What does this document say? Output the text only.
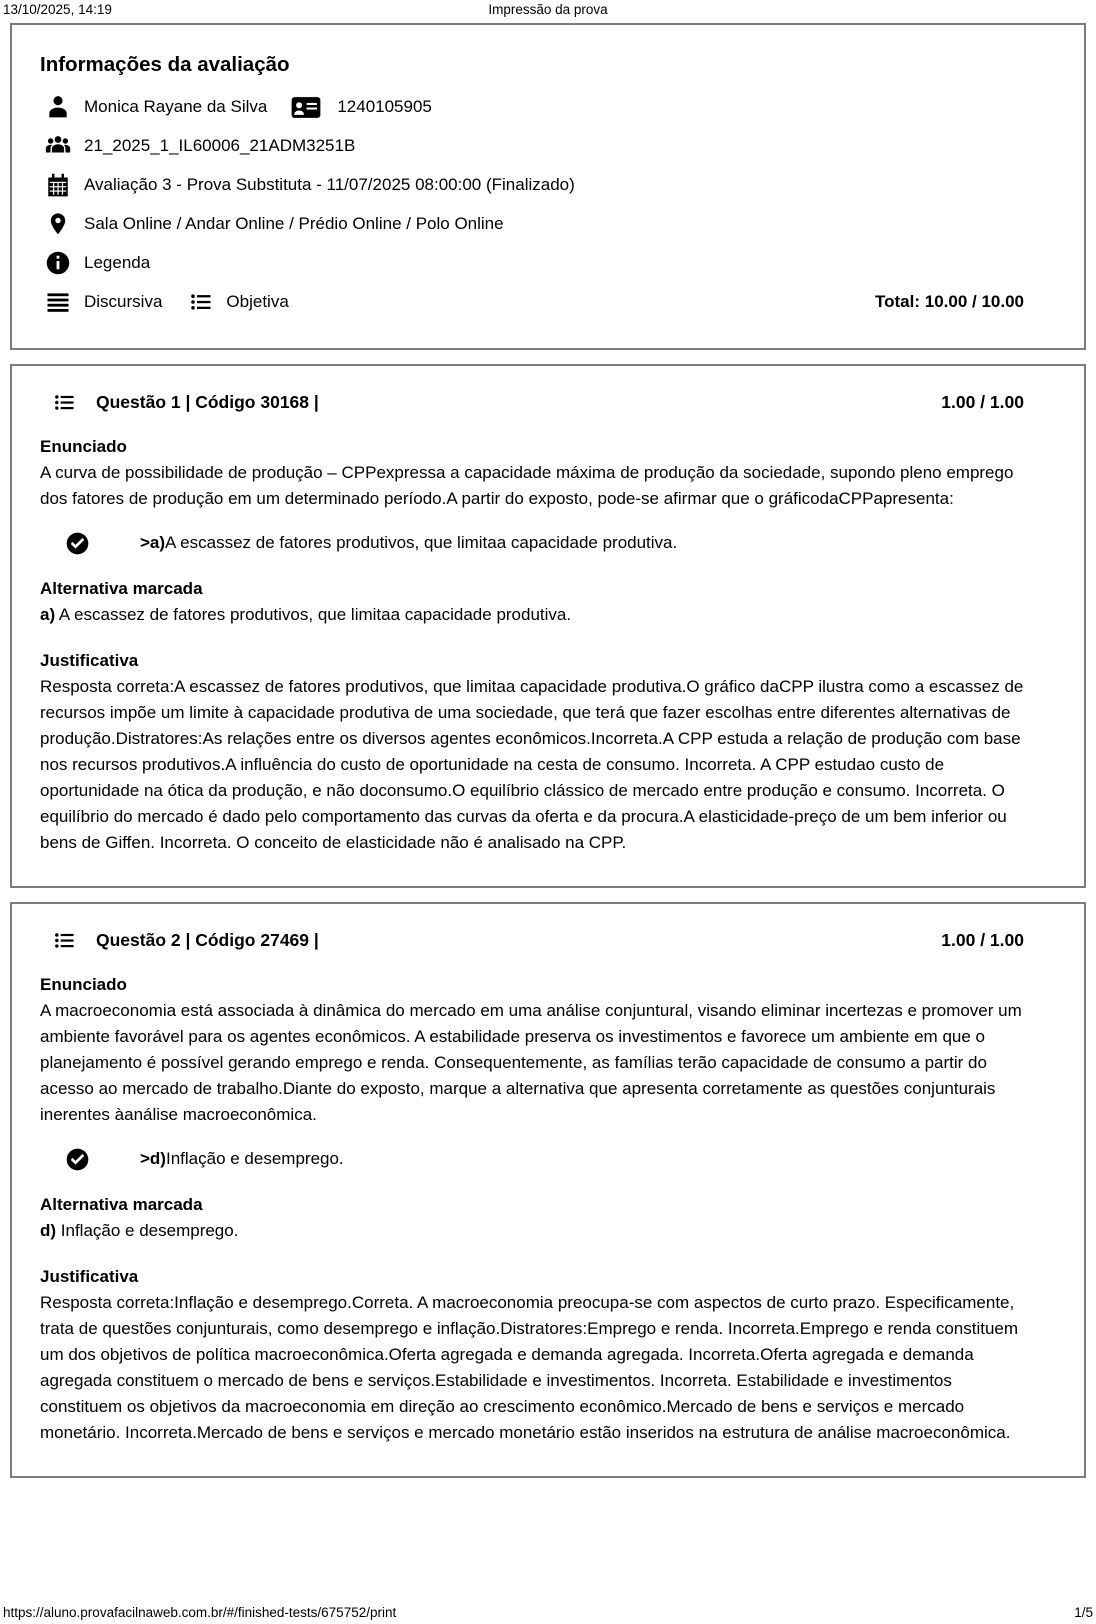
13/10/2025, 14:19	Impressão da prova
Informações da avaliação
Monica Rayane da Silva	1240105905
21_2025_1_IL60006_21ADM3251B
Avaliação 3 - Prova Substituta - 11/07/2025 08:00:00 (Finalizado)
Sala Online / Andar Online / Prédio Online / Polo Online
Legenda
Discursiva	Objetiva	Total: 10.00 / 10.00
Questão 1 | Código 30168 |	1.00 / 1.00

Enunciado

A curva de possibilidade de produção – CPPexpressa a capacidade máxima de produção da sociedade, supondo pleno emprego dos fatores de produção em um determinado período.A partir do exposto, pode-se afirmar que o gráficodaCPPapresenta:

>a)A escassez de fatores produtivos, que limitaa capacidade produtiva.

Alternativa marcada

a) A escassez de fatores produtivos, que limitaa capacidade produtiva.

Justificativa

Resposta correta:A escassez de fatores produtivos, que limitaa capacidade produtiva.O gráfico daCPP ilustra como a escassez de recursos impõe um limite à capacidade produtiva de uma sociedade, que terá que fazer escolhas entre diferentes alternativas de produção.Distratores:As relações entre os diversos agentes econômicos.Incorreta.A CPP estuda a relação de produção com base nos recursos produtivos.A influência do custo de oportunidade na cesta de consumo. Incorreta. A CPP estudao custo de oportunidade na ótica da produção, e não doconsumo.O equilíbrio clássico de mercado entre produção e consumo. Incorreta. O equilíbrio do mercado é dado pelo comportamento das curvas da oferta e da procura.A elasticidade-preço de um bem inferior ou bens de Giffen. Incorreta. O conceito de elasticidade não é analisado na CPP.

Questão 2 | Código 27469 |	1.00 / 1.00

Enunciado

A macroeconomia está associada à dinâmica do mercado em uma análise conjuntural, visando eliminar incertezas e promover um ambiente favorável para os agentes econômicos. A estabilidade preserva os investimentos e favorece um ambiente em que o planejamento é possível gerando emprego e renda. Consequentemente, as famílias terão capacidade de consumo a partir do acesso ao mercado de trabalho.Diante do exposto, marque a alternativa que apresenta corretamente as questões conjunturais inerentes àanálise macroeconômica.

>d)Inflação e desemprego.

Alternativa marcada

d) Inflação e desemprego.

Justificativa

Resposta correta:Inflação e desemprego.Correta. A macroeconomia preocupa-se com aspectos de curto prazo. Especificamente, trata de questões conjunturais, como desemprego e inflação.Distratores:Emprego e renda. Incorreta.Emprego e renda constituem um dos objetivos de política macroeconômica.Oferta agregada e demanda agregada. Incorreta.Oferta agregada e demanda agregada constituem o mercado de bens e serviços.Estabilidade e investimentos. Incorreta. Estabilidade e investimentos constituem os objetivos da macroeconomia em direção ao crescimento econômico.Mercado de bens e serviços e mercado monetário. Incorreta.Mercado de bens e serviços e mercado monetário estão inseridos na estrutura de análise macroeconômica.

https://aluno.provafacilnaweb.com.br/#/finished-tests/675752/print	1/5
